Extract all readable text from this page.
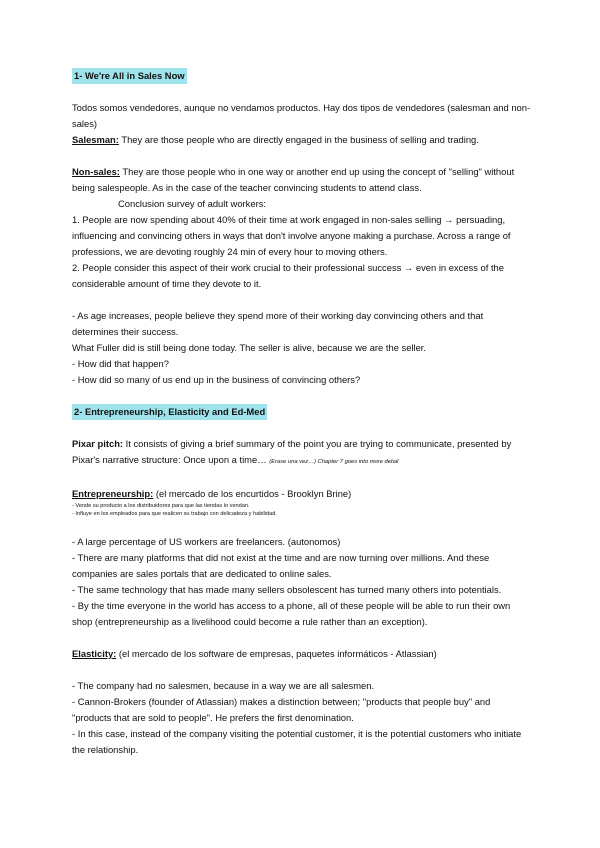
1- We're All in Sales Now

Todos somos vendedores, aunque no vendamos productos. Hay dos tipos de vendedores (salesman and non-sales)

Salesman: They are those people who are directly engaged in the business of selling and trading.

Non-sales: They are those people who in one way or another end up using the concept of "selling" without being salespeople. As in the case of the teacher convincing students to attend class.

Conclusion survey of adult workers:

1. People are now spending about 40% of their time at work engaged in non-sales selling → persuading, influencing and convincing others in ways that don't involve anyone making a purchase. Across a range of professions, we are devoting roughly 24 min of every hour to moving others.

2. People consider this aspect of their work crucial to their professional success → even in excess of the considerable amount of time they devote to it.

- As age increases, people believe they spend more of their working day convincing others and that determines their success.

What Fuller did is still being done today. The seller is alive, because we are the seller.

- How did that happen?

- How did so many of us end up in the business of convincing others?

2- Entrepreneurship, Elasticity and Ed-Med

Pixar pitch: It consists of giving a brief summary of the point you are trying to communicate, presented by Pixar's narrative structure: Once upon a time… (Erase una vez…) Chapter 7 goes into more detail

Entrepreneurship: (el mercado de los encurtidos - Brooklyn Brine)

- Vende su producto a los distribuidores para que las tiendas lo vendan.

- Influye en los empleados para que realicen su trabajo con delicadeza y habilidad.

- A large percentage of US workers are freelancers. (autonomos)

- There are many platforms that did not exist at the time and are now turning over millions. And these companies are sales portals that are dedicated to online sales.

- The same technology that has made many sellers obsolescent has turned many others into potentials.

- By the time everyone in the world has access to a phone, all of these people will be able to run their own shop (entrepreneurship as a livelihood could become a rule rather than an exception).

Elasticity: (el mercado de los software de empresas, paquetes informáticos - Atlassian)

- The company had no salesmen, because in a way we are all salesmen.

- Cannon-Brokers (founder of Atlassian) makes a distinction between; "products that people buy" and "products that are sold to people". He prefers the first denomination.

- In this case, instead of the company visiting the potential customer, it is the potential customers who initiate the relationship.
